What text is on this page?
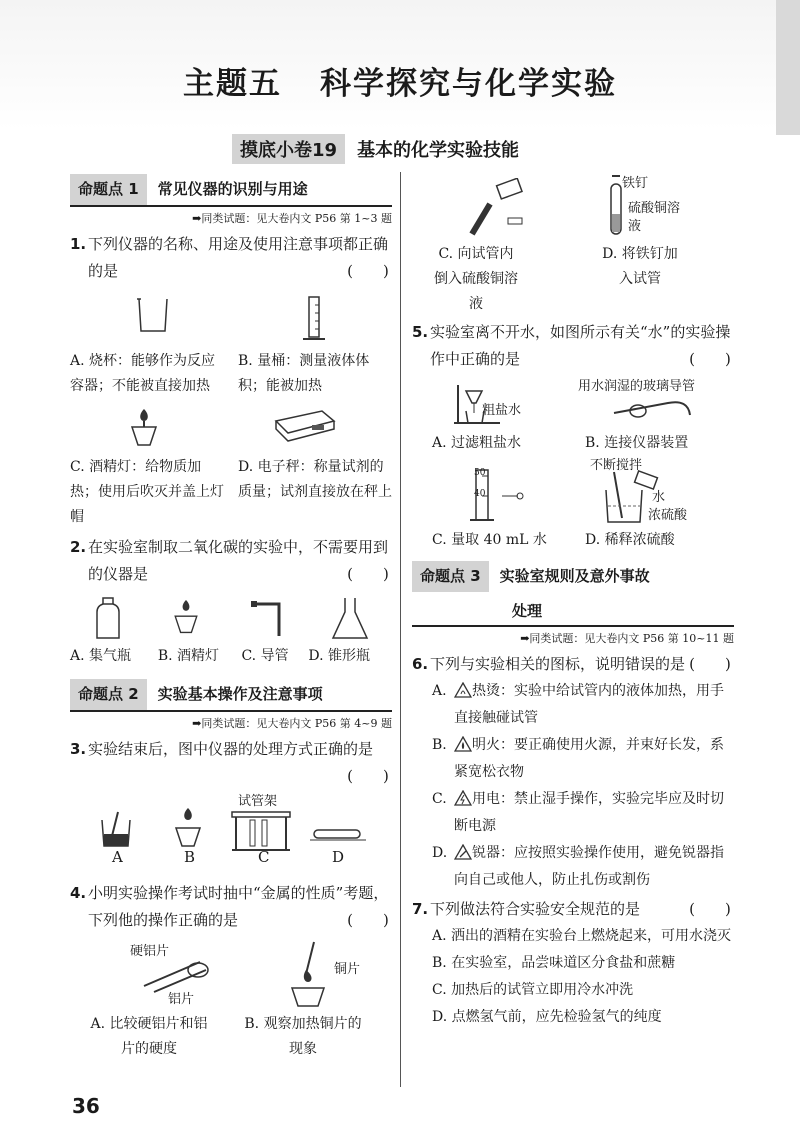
主题五 科学探究与化学实验
摸底小卷19	基本的化学实验技能
命题点 1	常见仪器的识别与用途
➡同类试题：见大卷内文 P56 第 1~3 题
1. 下列仪器的名称、用途及使用注意事项都正确的是	(　　)
A. 烧杯：能够作为反应容器；不能被直接加热
B. 量桶：测量液体体积；能被加热
C. 酒精灯：给物质加热；使用后吹灭并盖上灯帽
D. 电子秤：称量试剂的质量；试剂直接放在秤上
2. 在实验室制取二氧化碳的实验中，不需要用到的仪器是	(　　)
A. 集气瓶	B. 酒精灯	C. 导管	D. 锥形瓶
命题点 2	实验基本操作及注意事项
➡同类试题：见大卷内文 P56 第 4~9 题
3. 实验结束后，图中仪器的处理方式正确的是
(　　)
试管架
A	B	C	D
4. 小明实验操作考试时抽中“金属的性质”考题，下列他的操作正确的是	(　　)
硬铝片
铝片
铜片
A. 比较硬铝片和铝片的硬度
B. 观察加热铜片的现象
铁钉
硫酸铜溶液
C. 向试管内倒入硫酸铜溶液
D. 将铁钉加入试管
5. 实验室离不开水，如图所示有关“水”的实验操作中正确的是	(　　)
粗盐水
用水润湿的玻璃导管
A. 过滤粗盐水	B. 连接仪器装置
50
40
不断搅拌
水
浓硫酸
C. 量取 40 mL 水	D. 稀释浓硫酸
命题点 3	实验室规则及意外事故
处理
➡同类试题：见大卷内文 P56 第 10~11 题
6. 下列与实验相关的图标，说明错误的是 (　　)
A.	热烫：实验中给试管内的液体加热，用手直接触碰试管
B.	明火：要正确使用火源，并束好长发，系紧宽松衣物
C.	用电：禁止湿手操作，实验完毕应及时切断电源
D.	锐器：应按照实验操作使用，避免锐器指向自己或他人，防止扎伤或割伤
7. 下列做法符合实验安全规范的是	(　　)
A. 洒出的酒精在实验台上燃烧起来，可用水浇灭
B. 在实验室，品尝味道区分食盐和蔗糖
C. 加热后的试管立即用冷水冲洗
D. 点燃氢气前，应先检验氢气的纯度
36
